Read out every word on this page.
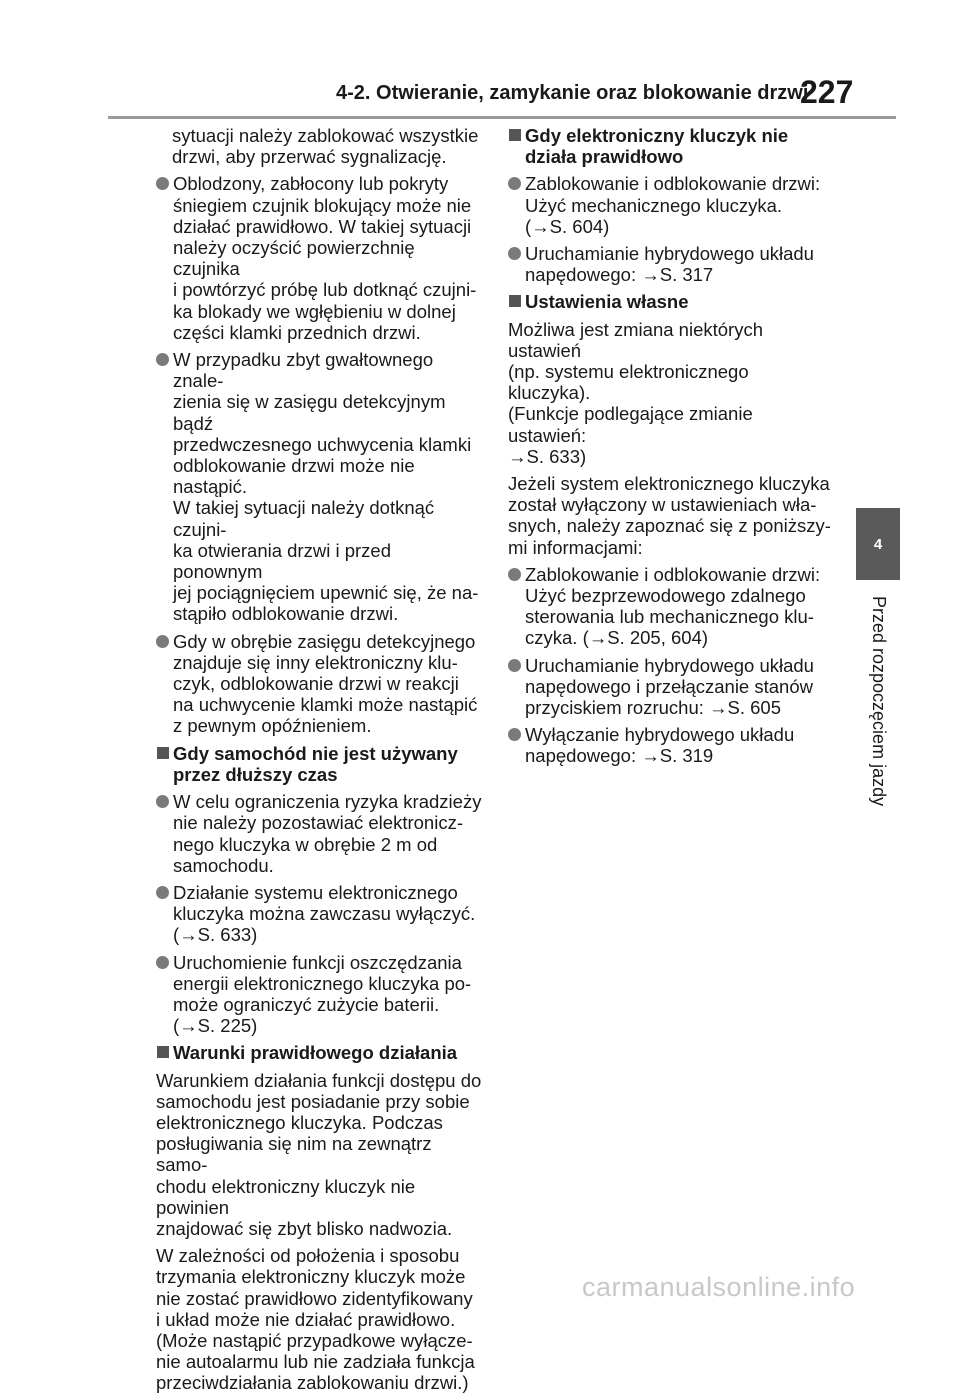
4-2. Otwieranie, zamykanie oraz blokowanie drzwi
227
4
Przed rozpoczęciem jazdy

sytuacji należy zablokować wszystkie
drzwi, aby przerwać sygnalizację.

Oblodzony, zabłocony lub pokryty
śniegiem czujnik blokujący może nie
działać prawidłowo. W takiej sytuacji
należy oczyścić powierzchnię czujnika
i powtórzyć próbę lub dotknąć czujni-
ka blokady we wgłębieniu w dolnej
części klamki przednich drzwi.
W przypadku zbyt gwałtownego znale-
zienia się w zasięgu detekcyjnym bądź
przedwczesnego uchwycenia klamki
odblokowanie drzwi może nie nastąpić.
W takiej sytuacji należy dotknąć czujni-
ka otwierania drzwi i przed ponownym
jej pociągnięciem upewnić się, że na-
stąpiło odblokowanie drzwi.
Gdy w obrębie zasięgu detekcyjnego
znajduje się inny elektroniczny klu-
czyk, odblokowanie drzwi w reakcji
na uchwycenie klamki może nastąpić
z pewnym opóźnieniem.
Gdy samochód nie jest używany
przez dłuższy czas
W celu ograniczenia ryzyka kradzieży
nie należy pozostawiać elektronicz-
nego kluczyka w obrębie 2 m od
samochodu.
Działanie systemu elektronicznego
kluczyka można zawczasu wyłączyć.
(→S. 633)
Uruchomienie funkcji oszczędzania
energii elektronicznego kluczyka po-
może ograniczyć zużycie baterii.
(→S. 225)
Warunki prawidłowego działania

Warunkiem działania funkcji dostępu do
samochodu jest posiadanie przy sobie
elektronicznego kluczyka. Podczas
posługiwania się nim na zewnątrz samo-
chodu elektroniczny kluczyk nie powinien
znajdować się zbyt blisko nadwozia.

W zależności od położenia i sposobu
trzymania elektroniczny kluczyk może
nie zostać prawidłowo zidentyfikowany
i układ może nie działać prawidłowo.
(Może nastąpić przypadkowe wyłącze-
nie autoalarmu lub nie zadziała funkcja
przeciwdziałania zablokowaniu drzwi.)

Gdy elektroniczny kluczyk nie
działa prawidłowo
Zablokowanie i odblokowanie drzwi:
Użyć mechanicznego kluczyka.
(→S. 604)
Uruchamianie hybrydowego układu
napędowego: →S. 317
Ustawienia własne

Możliwa jest zmiana niektórych ustawień
(np. systemu elektronicznego kluczyka).
(Funkcje podlegające zmianie ustawień:
→S. 633)

Jeżeli system elektronicznego kluczyka
został wyłączony w ustawieniach wła-
snych, należy zapoznać się z poniższy-
mi informacjami:

Zablokowanie i odblokowanie drzwi:
Użyć bezprzewodowego zdalnego
sterowania lub mechanicznego klu-
czyka. (→S. 205, 604)
Uruchamianie hybrydowego układu
napędowego i przełączanie stanów
przyciskiem rozruchu: →S. 605
Wyłączanie hybrydowego układu
napędowego: →S. 319
carmanualsonline.info
